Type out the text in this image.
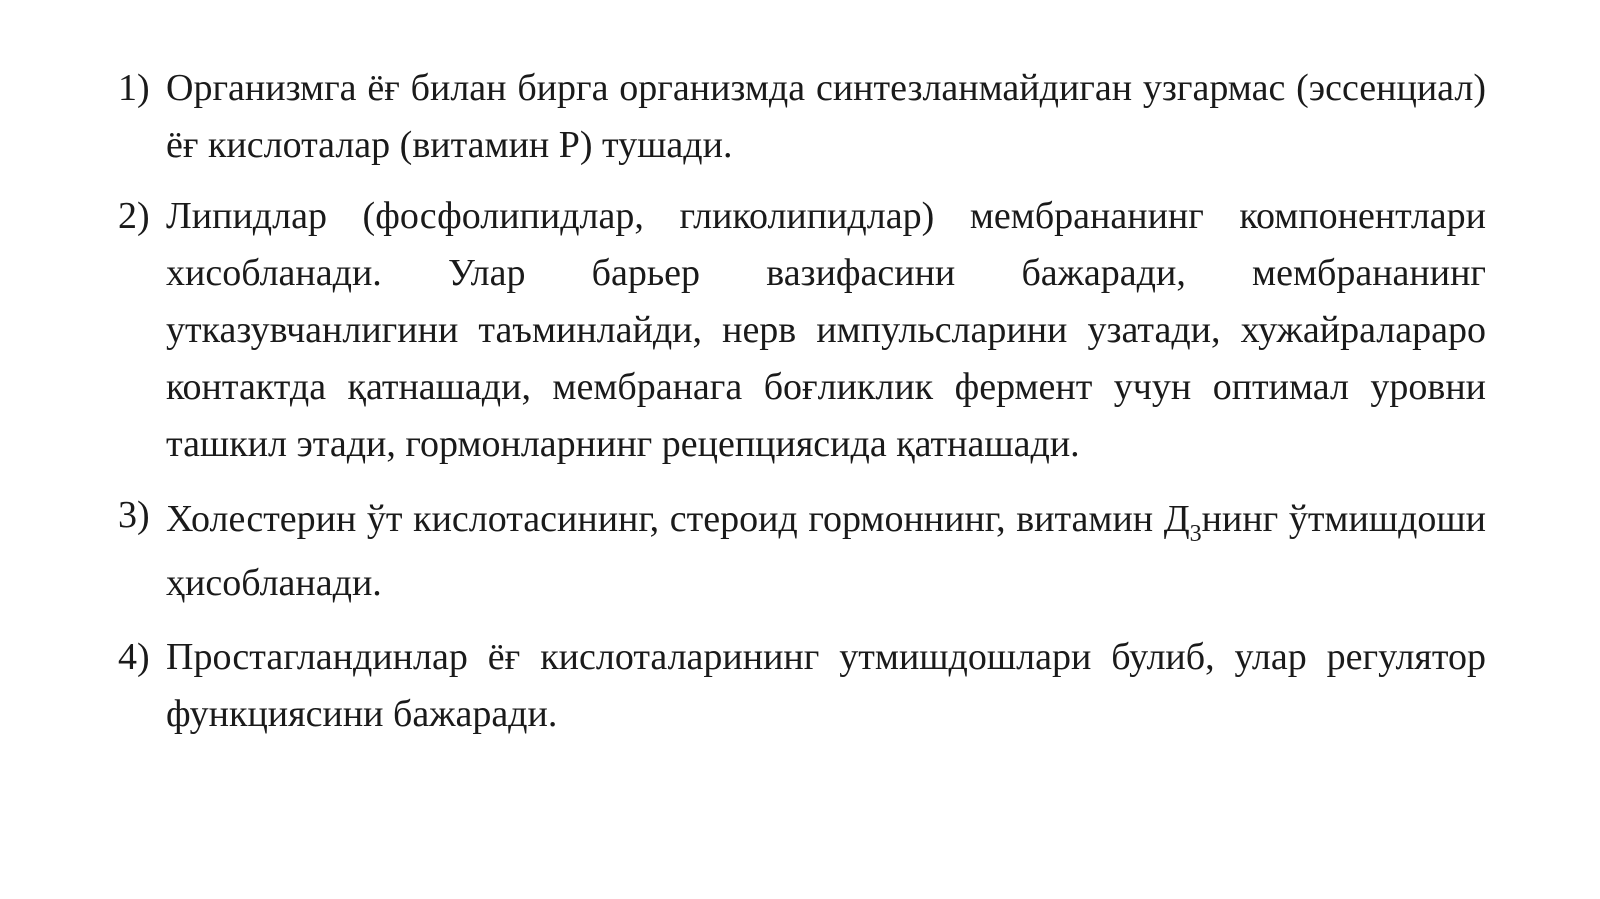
1) Организмга ёғ билан бирга организмда синтезланмайдиган узгармас (эссенциал) ёғ кислоталар (витамин Р) тушади.
2) Липидлар (фосфолипидлар, гликолипидлар) мембрананинг компонентлари хисобланади. Улар барьер вазифасини бажаради, мембрананинг утказувчанлигини таъминлайди, нерв импульсларини узатади, хужайралараро контактда қатнашади, мембранага боғликлик фермент учун оптимал уровни ташкил этади, гормонларнинг рецепциясида қатнашади.
3) Холестерин ўт кислотасининг, стероид гормоннинг, витамин $Д_3нинг$ ўтмишдоши ҳисобланади.
4) Простагландинлар ёғ кислоталарининг утмишдошлари булиб, улар регулятор функциясини бажаради.
